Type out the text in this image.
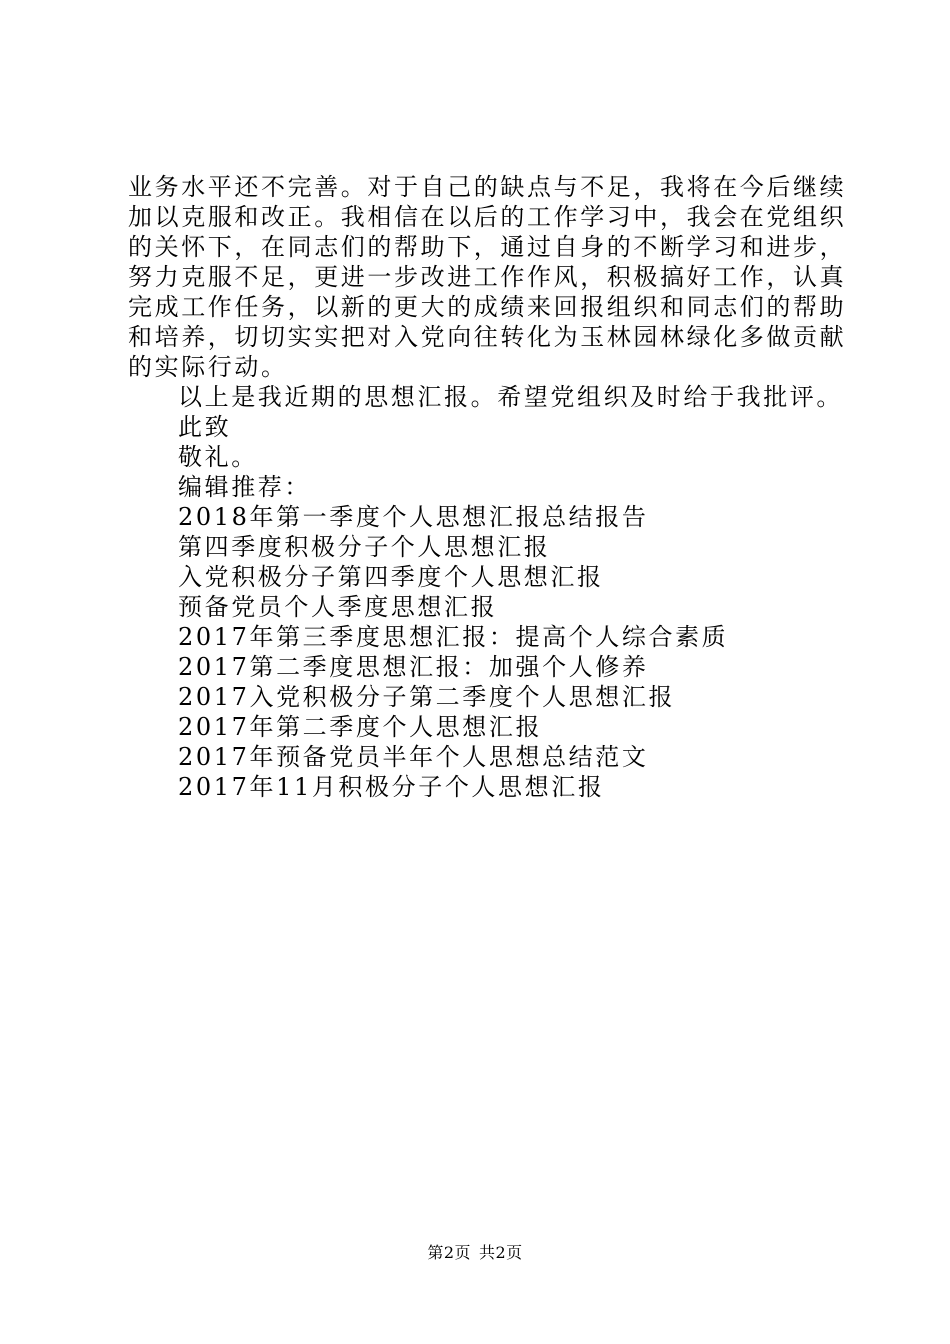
业务水平还不完善。对于自己的缺点与不足，我将在今后继续
加以克服和改正。我相信在以后的工作学习中，我会在党组织
的关怀下，在同志们的帮助下，通过自身的不断学习和进步，
努力克服不足，更进一步改进工作作风，积极搞好工作，认真
完成工作任务，以新的更大的成绩来回报组织和同志们的帮助
和培养，切切实实把对入党向往转化为玉林园林绿化多做贡献
的实际行动。
以上是我近期的思想汇报。希望党组织及时给于我批评。
此致
敬礼。
编辑推荐：
2018年第一季度个人思想汇报总结报告
第四季度积极分子个人思想汇报
入党积极分子第四季度个人思想汇报
预备党员个人季度思想汇报
2017年第三季度思想汇报：提高个人综合素质
2017第二季度思想汇报：加强个人修养
2017入党积极分子第二季度个人思想汇报
2017年第二季度个人思想汇报
2017年预备党员半年个人思想总结范文
2017年11月积极分子个人思想汇报
第2页 共2页
